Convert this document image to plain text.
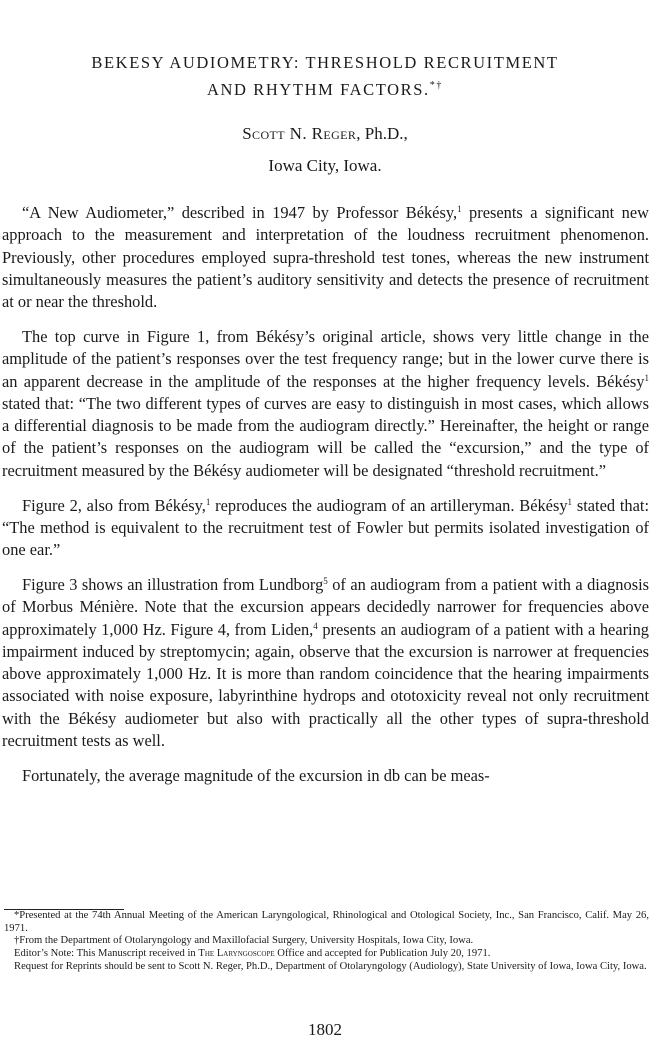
BEKESY AUDIOMETRY: THRESHOLD RECRUITMENT
AND RHYTHM FACTORS.*†
Scott N. Reger, Ph.D.,
Iowa City, Iowa.

“A New Audiometer,” described in 1947 by Professor Békésy,$^1$ presents a significant new approach to the measurement and interpretation of the loudness recruitment phenomenon. Previously, other procedures employed supra-threshold test tones, whereas the new instrument simultaneously measures the patient’s auditory sensitivity and detects the presence of recruitment at or near the threshold.

The top curve in Figure 1, from Békésy’s original article, shows very little change in the amplitude of the patient’s responses over the test frequency range; but in the lower curve there is an apparent decrease in the amplitude of the responses at the higher frequency levels. Békésy$^1$ stated that: “The two different types of curves are easy to distinguish in most cases, which allows a differential diagnosis to be made from the audiogram directly.” Hereinafter, the height or range of the patient’s responses on the audiogram will be called the “excursion,” and the type of recruitment measured by the Békésy audiometer will be designated “threshold recruitment.”

Figure 2, also from Békésy,$^1$ reproduces the audiogram of an artilleryman. Békésy$^1$ stated that: “The method is equivalent to the recruitment test of Fowler but permits isolated investigation of one ear.”

Figure 3 shows an illustration from Lundborg$^5$ of an audiogram from a patient with a diagnosis of Morbus Ménière. Note that the excursion appears decidedly narrower for frequencies above approximately 1,000 Hz. Figure 4, from Liden,$^4$ presents an audiogram of a patient with a hearing impairment induced by streptomycin; again, observe that the excursion is narrower at frequencies above approximately 1,000 Hz. It is more than random coincidence that the hearing impairments associated with noise exposure, labyrinthine hydrops and ototoxicity reveal not only recruitment with the Békésy audiometer but also with practically all the other types of supra-threshold recruitment tests as well.

Fortunately, the average magnitude of the excursion in db can be meas-

*Presented at the 74th Annual Meeting of the American Laryngological, Rhinological and Otological Society, Inc., San Francisco, Calif. May 26, 1971.

†From the Department of Otolaryngology and Maxillofacial Surgery, University Hospitals, Iowa City, Iowa.

Editor’s Note: This Manuscript received in The Laryngoscope Office and accepted for Publication July 20, 1971.

Request for Reprints should be sent to Scott N. Reger, Ph.D., Department of Otolaryngology (Audiology), State University of Iowa, Iowa City, Iowa.

1802
